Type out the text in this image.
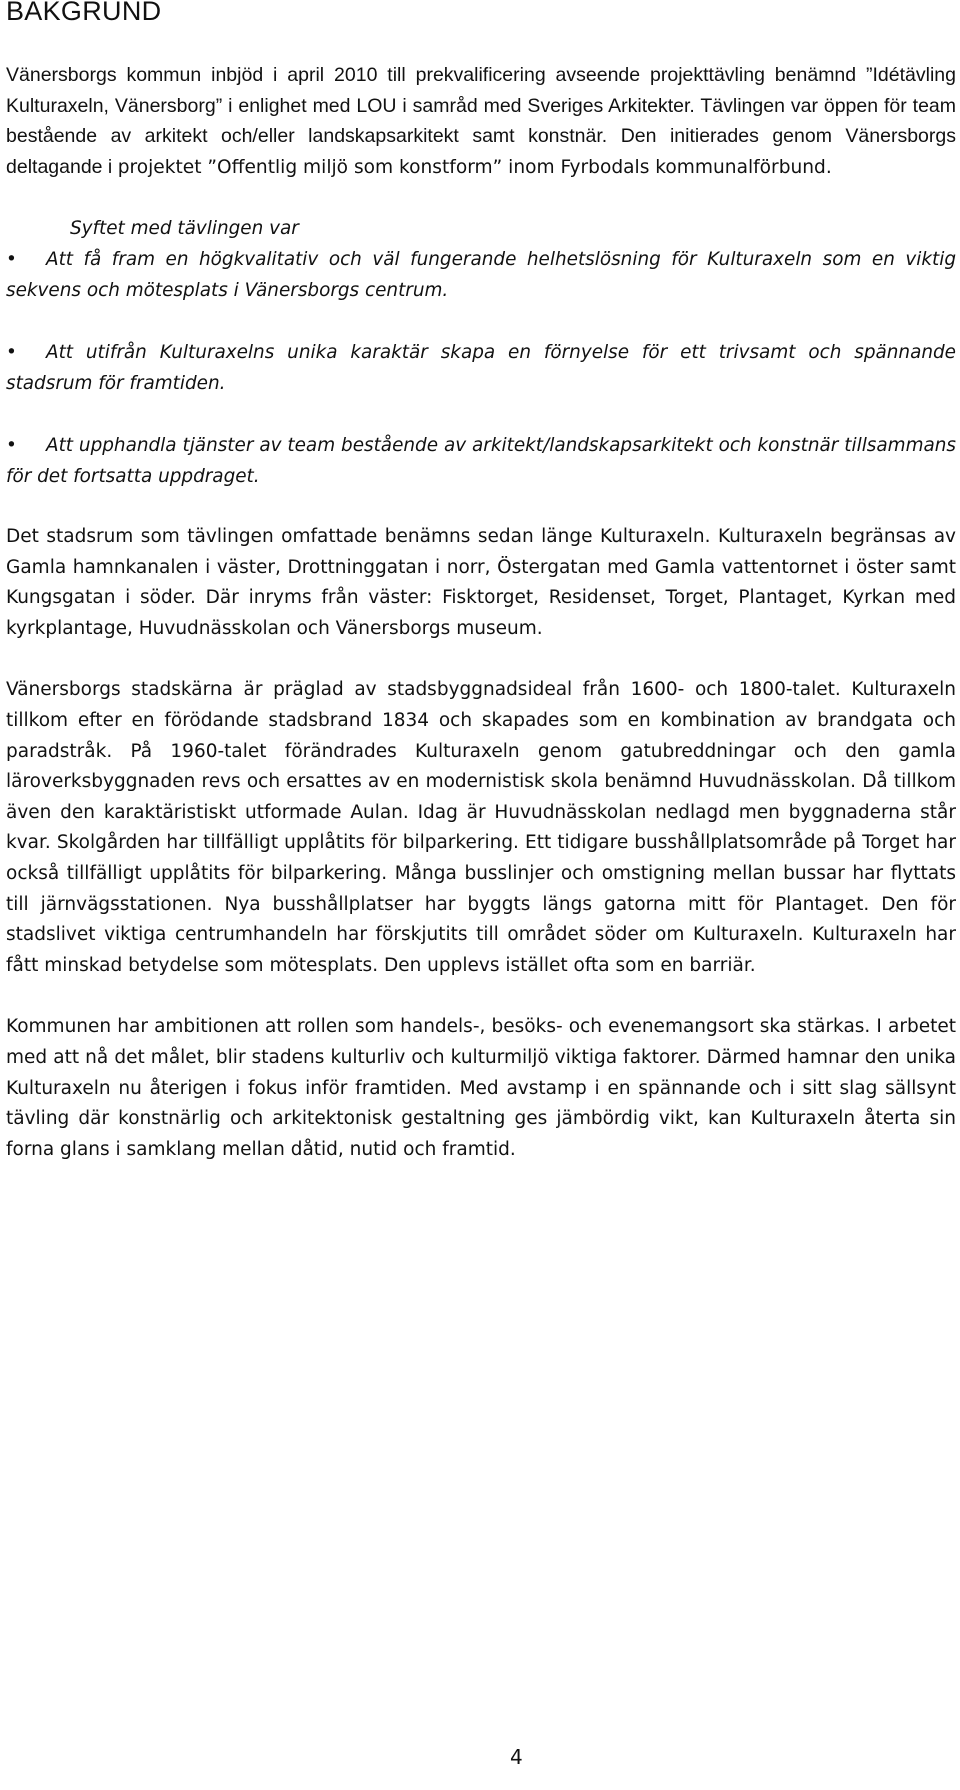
BAKGRUND

Vänersborgs kommun inbjöd i april 2010 till prekvalificering avseende projekttävling benämnd ”Idétävling Kulturaxeln, Vänersborg” i enlighet med LOU i samråd med Sveriges Arkitekter. Tävlingen var öppen för team bestående av arkitekt och/eller landskapsarkitekt samt konstnär. Den initierades genom Vänersborgs deltagande i projektet ”Offentlig miljö som konstform” inom Fyrbodals kommunalförbund.

Syftet med tävlingen var

• Att få fram en högkvalitativ och väl fungerande helhetslösning för Kulturaxeln som en viktig sekvens och mötesplats i Vänersborgs centrum.

• Att utifrån Kulturaxelns unika karaktär skapa en förnyelse för ett trivsamt och spännande stadsrum för framtiden.

• Att upphandla tjänster av team bestående av arkitekt/landskapsarkitekt och konstnär tillsammans för det fortsatta uppdraget.

Det stadsrum som tävlingen omfattade benämns sedan länge Kulturaxeln. Kulturaxeln begränsas av Gamla hamnkanalen i väster, Drottninggatan i norr, Östergatan med Gamla vattentornet i öster samt Kungsgatan i söder. Där inryms från väster: Fisktorget, Residenset, Torget, Plantaget, Kyrkan med kyrkplantage, Huvudnässkolan och Vänersborgs museum.

Vänersborgs stadskärna är präglad av stadsbyggnadsideal från 1600- och 1800-talet. Kulturaxeln tillkom efter en förödande stadsbrand 1834 och skapades som en kombination av brandgata och paradstråk. På 1960-talet förändrades Kulturaxeln genom gatubreddningar och den gamla läroverksbyggnaden revs och ersattes av en modernistisk skola benämnd Huvudnässkolan. Då tillkom även den karaktäristiskt utformade Aulan. Idag är Huvudnässkolan nedlagd men byggnaderna står kvar. Skolgården har tillfälligt upplåtits för bilparkering. Ett tidigare busshållplatsområde på Torget har också tillfälligt upplåtits för bilparkering. Många busslinjer och omstigning mellan bussar har flyttats till järnvägsstationen. Nya busshållplatser har byggts längs gatorna mitt för Plantaget. Den för stadslivet viktiga centrumhandeln har förskjutits till området söder om Kulturaxeln. Kulturaxeln har fått minskad betydelse som mötesplats. Den upplevs istället ofta som en barriär.

Kommunen har ambitionen att rollen som handels-, besöks- och evenemangsort ska stärkas. I arbetet med att nå det målet, blir stadens kulturliv och kulturmiljö viktiga faktorer. Därmed hamnar den unika Kulturaxeln nu återigen i fokus inför framtiden. Med avstamp i en spännande och i sitt slag sällsynt tävling där konstnärlig och arkitektonisk gestaltning ges jämbördig vikt, kan Kulturaxeln återta sin forna glans i samklang mellan dåtid, nutid och framtid.

4
